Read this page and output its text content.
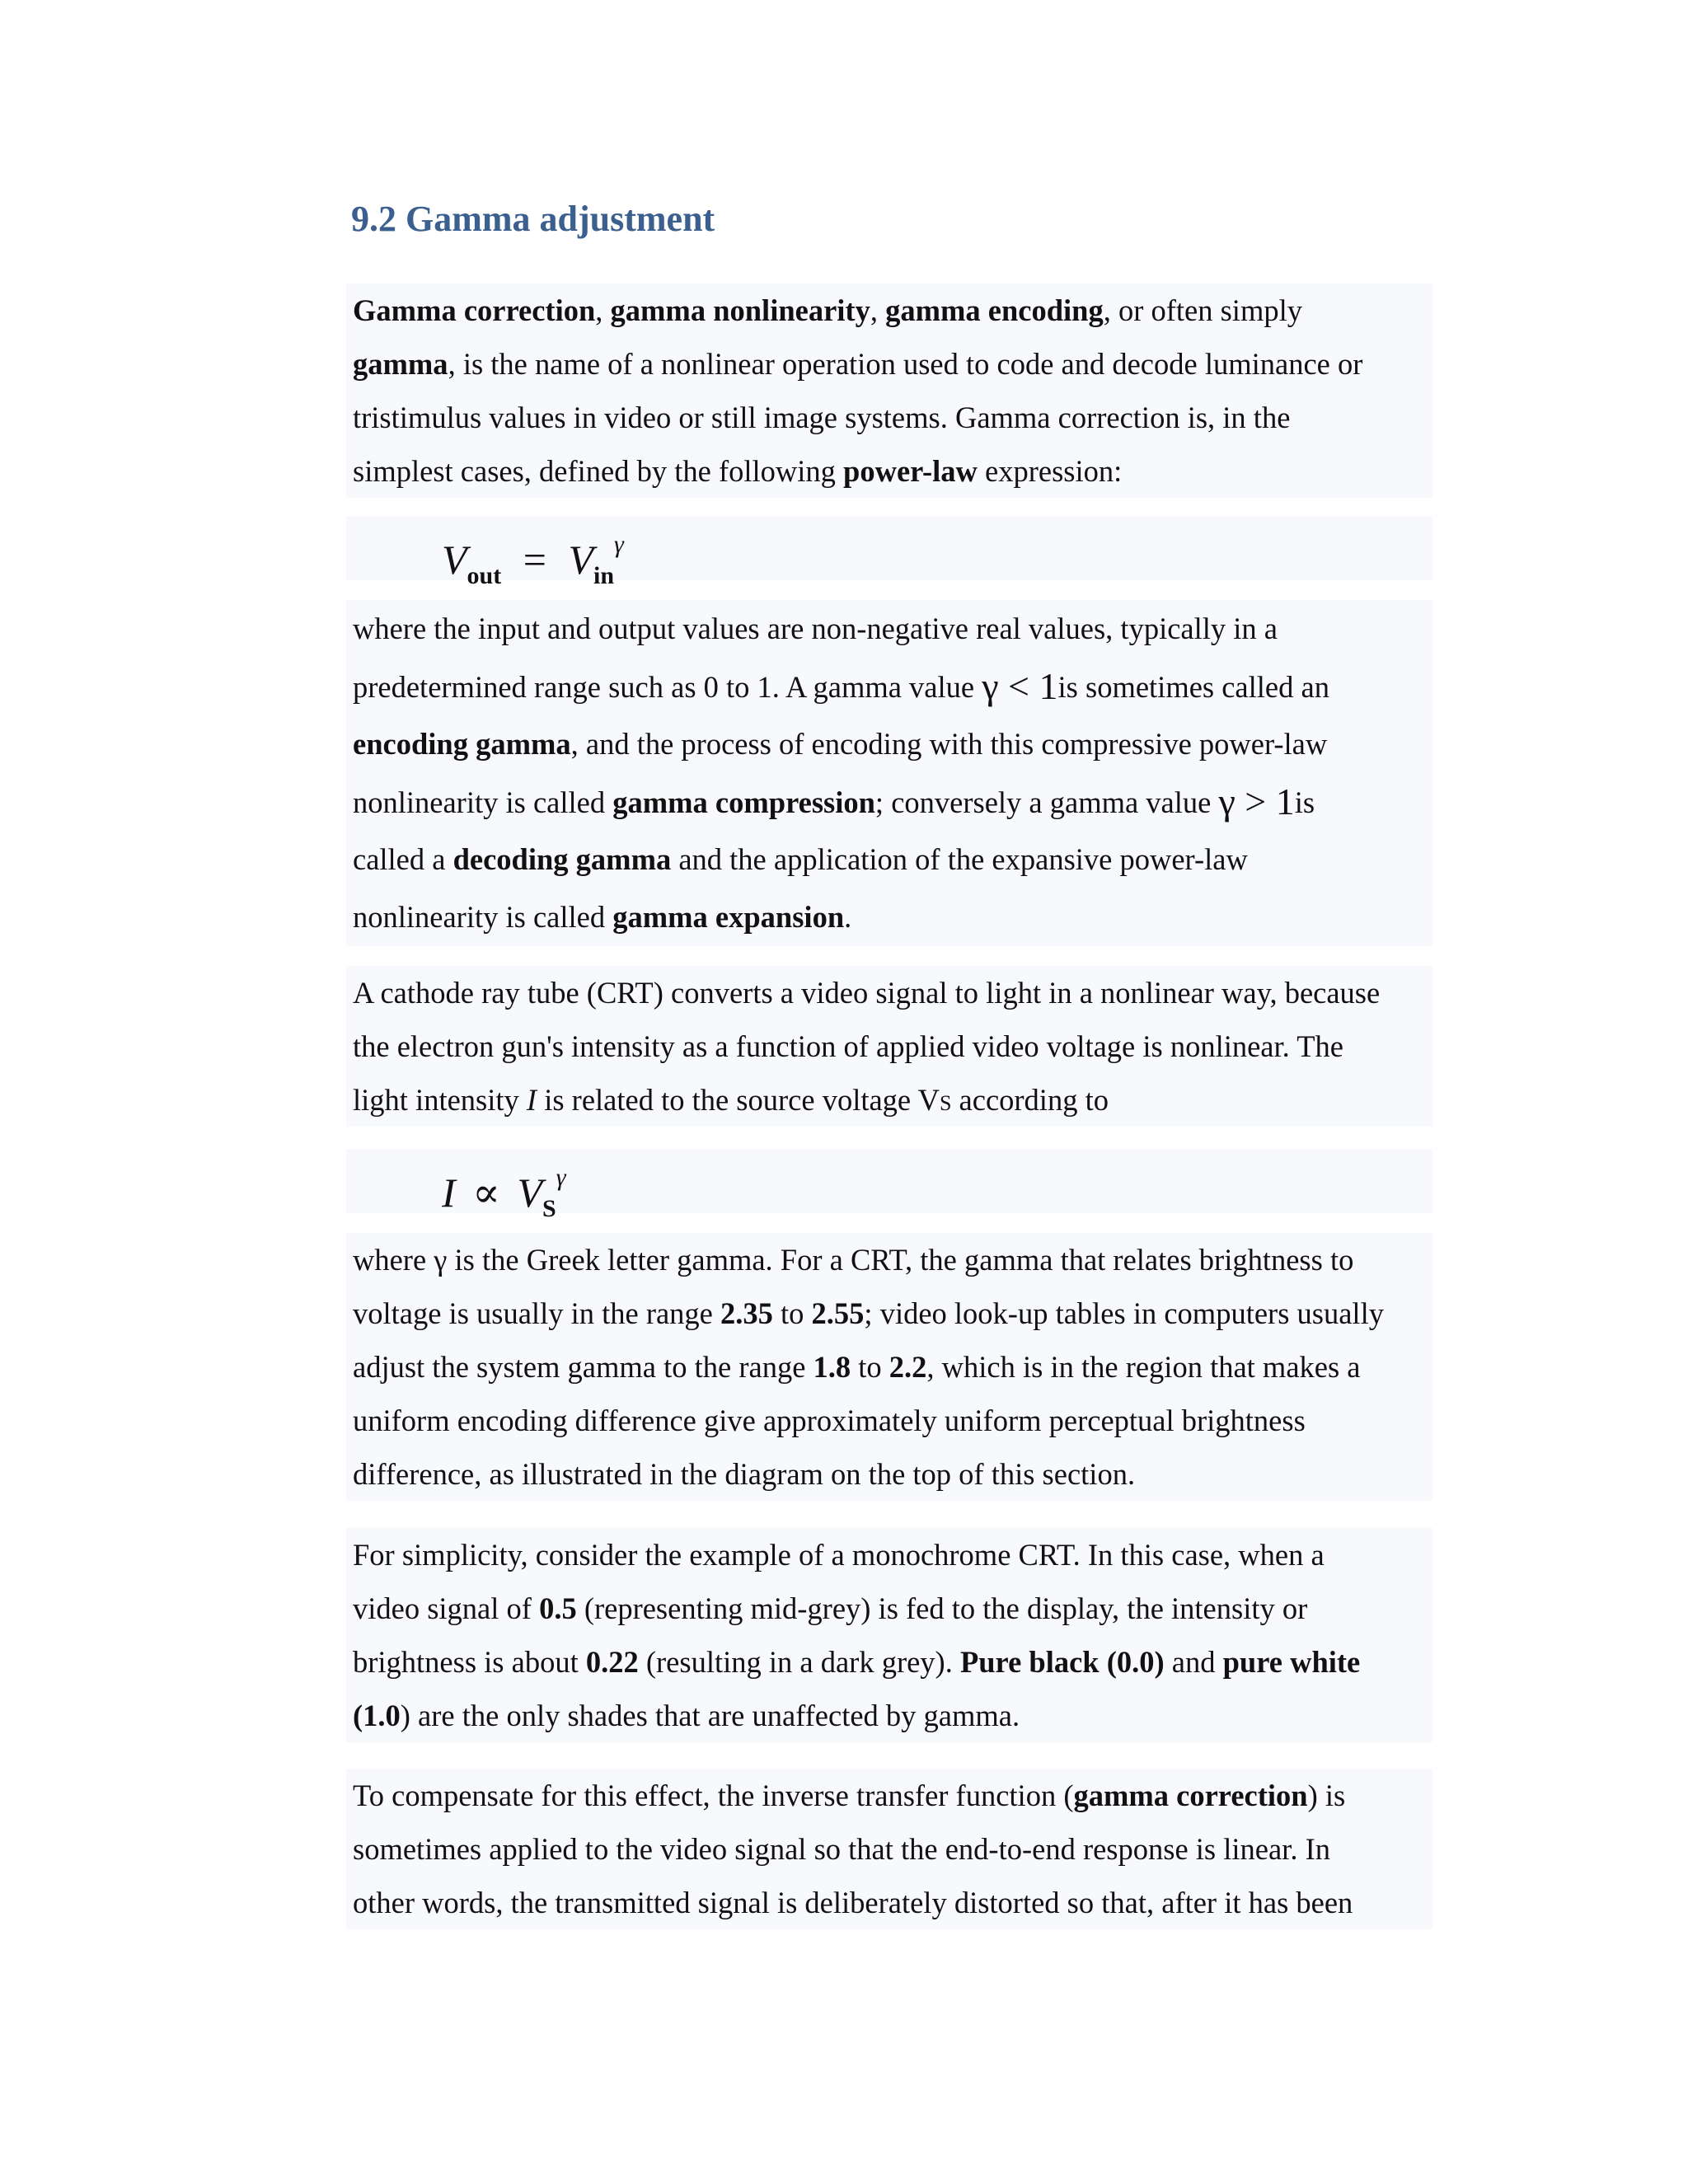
9.2 Gamma adjustment
Gamma correction, gamma nonlinearity, gamma encoding, or often simply
gamma, is the name of a nonlinear operation used to code and decode luminance or
tristimulus values in video or still image systems. Gamma correction is, in the
simplest cases, defined by the following power-law expression:
$V_{out} = V_{in}^\gamma$
where the input and output values are non-negative real values, typically in a
predetermined range such as 0 to 1. A gamma value γ < 1is sometimes called an
encoding gamma, and the process of encoding with this compressive power-law
nonlinearity is called gamma compression; conversely a gamma value γ > 1is
called a decoding gamma and the application of the expansive power-law
nonlinearity is called gamma expansion.
A cathode ray tube (CRT) converts a video signal to light in a nonlinear way, because
the electron gun's intensity as a function of applied video voltage is nonlinear. The
light intensity I is related to the source voltage VS according to
$I \propto V_S^\gamma$
where γ is the Greek letter gamma. For a CRT, the gamma that relates brightness to
voltage is usually in the range 2.35 to 2.55; video look-up tables in computers usually
adjust the system gamma to the range 1.8 to 2.2, which is in the region that makes a
uniform encoding difference give approximately uniform perceptual brightness
difference, as illustrated in the diagram on the top of this section.
For simplicity, consider the example of a monochrome CRT. In this case, when a
video signal of 0.5 (representing mid-grey) is fed to the display, the intensity or
brightness is about 0.22 (resulting in a dark grey). Pure black (0.0) and pure white
(1.0) are the only shades that are unaffected by gamma.
To compensate for this effect, the inverse transfer function (gamma correction) is
sometimes applied to the video signal so that the end-to-end response is linear. In
other words, the transmitted signal is deliberately distorted so that, after it has been
